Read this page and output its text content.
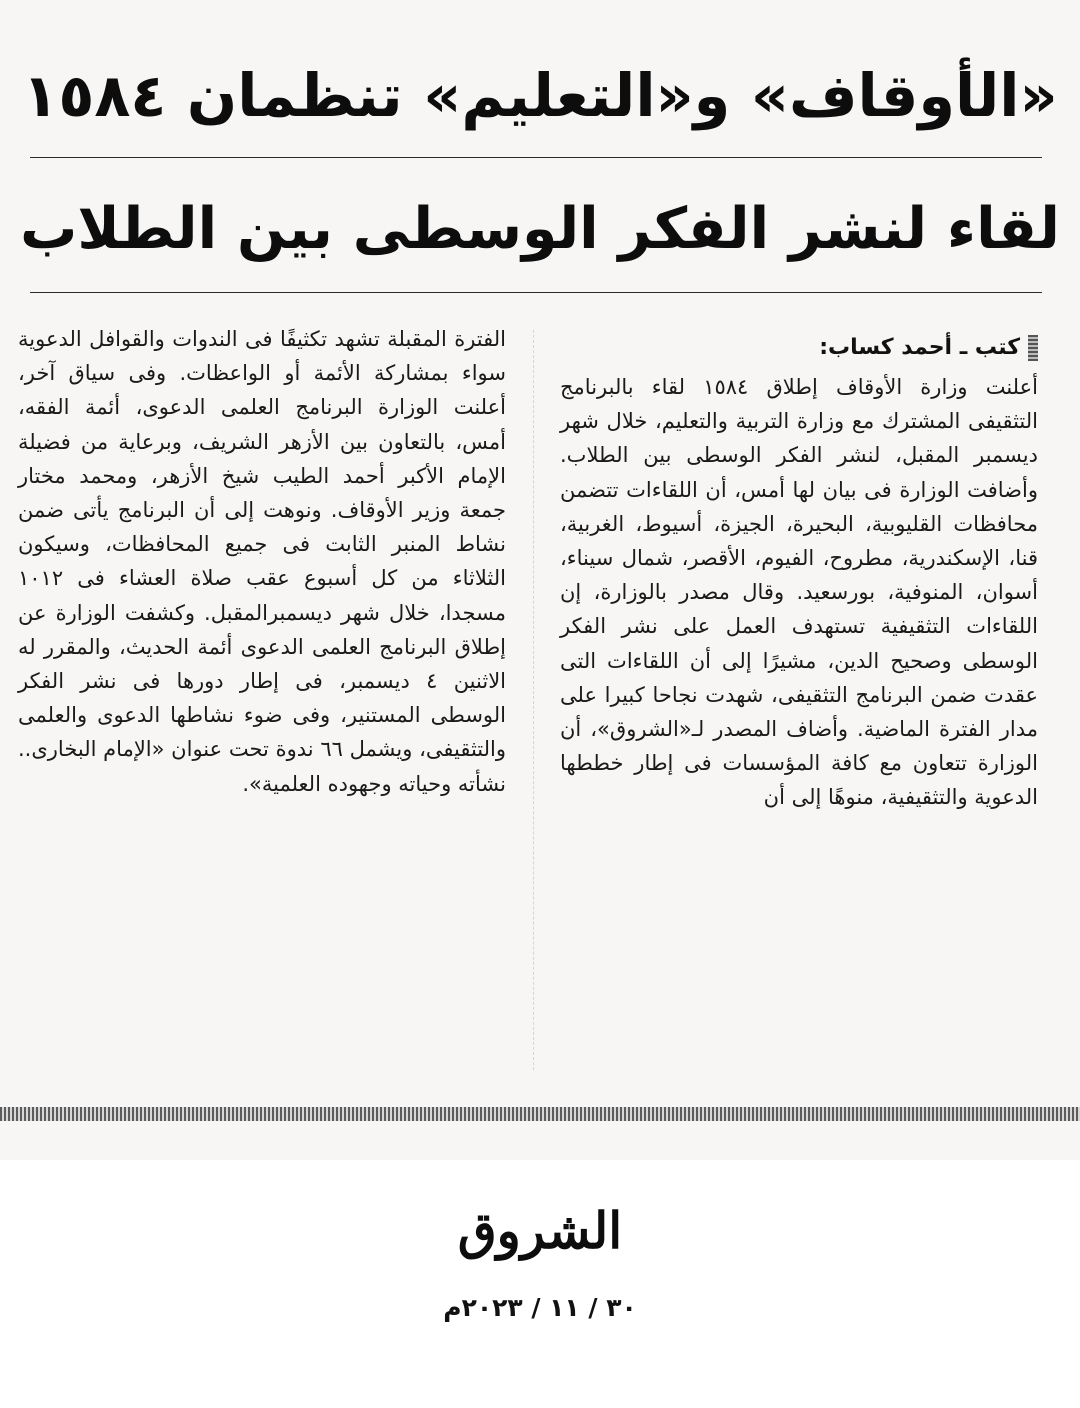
«الأوقاف» و«التعليم» تنظمان ١٥٨٤
لقاء لنشر الفكر الوسطى بين الطلاب
كتب ـ أحمد كساب:
أعلنت وزارة الأوقاف إطلاق ١٥٨٤ لقاء بالبرنامج التثقيفى المشترك مع وزارة التربية والتعليم، خلال شهر ديسمبر المقبل، لنشر الفكر الوسطى بين الطلاب. وأضافت الوزارة فى بيان لها أمس، أن اللقاءات تتضمن محافظات القليوبية، البحيرة، الجيزة، أسيوط، الغربية، قنا، الإسكندرية، مطروح، الفيوم، الأقصر، شمال سيناء، أسوان، المنوفية، بورسعيد. وقال مصدر بالوزارة، إن اللقاءات التثقيفية تستهدف العمل على نشر الفكر الوسطى وصحيح الدين، مشيرًا إلى أن اللقاءات التى عقدت ضمن البرنامج التثقيفى، شهدت نجاحا كبيرا على مدار الفترة الماضية. وأضاف المصدر لـ«الشروق»، أن الوزارة تتعاون مع كافة المؤسسات فى إطار خططها الدعوية والتثقيفية، منوهًا إلى أن
الفترة المقبلة تشهد تكثيفًا فى الندوات والقوافل الدعوية سواء بمشاركة الأئمة أو الواعظات. وفى سياق آخر، أعلنت الوزارة البرنامج العلمى الدعوى، أئمة الفقه، أمس، بالتعاون بين الأزهر الشريف، وبرعاية من فضيلة الإمام الأكبر أحمد الطيب شيخ الأزهر، ومحمد مختار جمعة وزير الأوقاف. ونوهت إلى أن البرنامج يأتى ضمن نشاط المنبر الثابت فى جميع المحافظات، وسيكون الثلاثاء من كل أسبوع عقب صلاة العشاء فى ١٠١٢ مسجدا، خلال شهر ديسمبرالمقبل. وكشفت الوزارة عن إطلاق البرنامج العلمى الدعوى أئمة الحديث، والمقرر له الاثنين ٤ ديسمبر، فى إطار دورها فى نشر الفكر الوسطى المستنير، وفى ضوء نشاطها الدعوى والعلمى والتثقيفى، ويشمل ٦٦ ندوة تحت عنوان «الإمام البخارى.. نشأته وحياته وجهوده العلمية».
الشروق
٣٠ / ١١ / ٢٠٢٣م
